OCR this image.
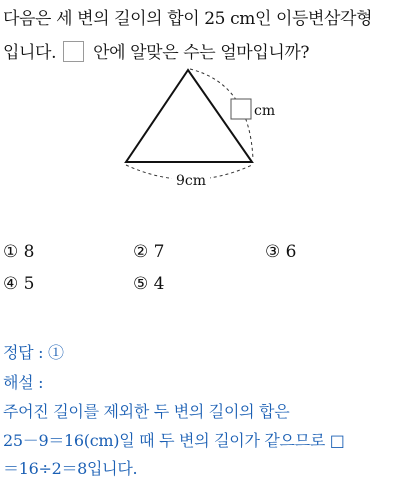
다음은 세 변의 길이의 합이 25 cm인 이등변삼각형
입니다. 안에 알맞은 수는 얼마입니까?
cm
9cm
① 8	② 7	③ 6
④ 5	⑤ 4
정답 : ①
해설 :
주어진 길이를 제외한 두 변의 길이의 합은
25－9＝16(cm)일 때 두 변의 길이가 같으므로 □
＝16÷2＝8입니다.
